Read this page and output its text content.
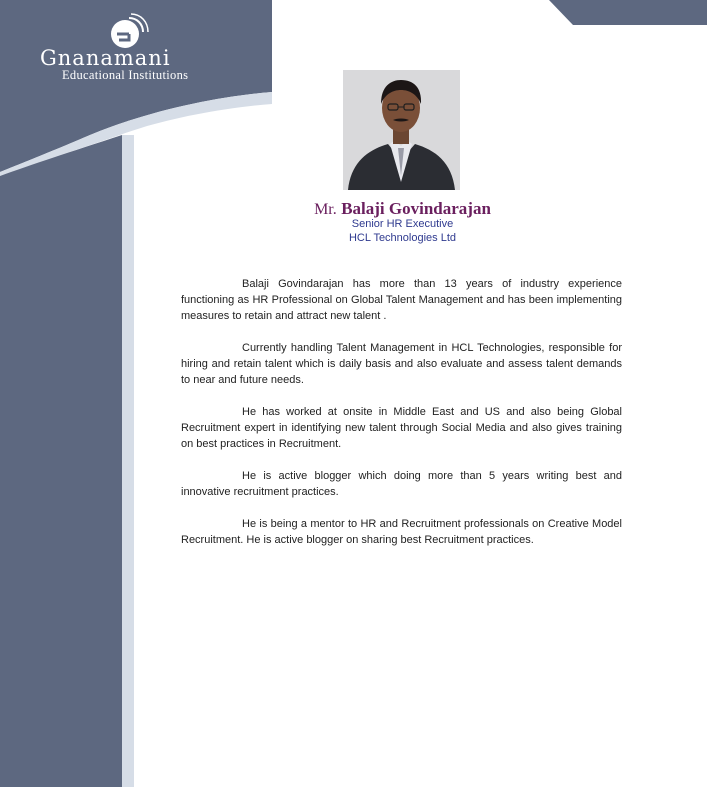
Gnanamani
Educational Institutions
Mr. Balaji Govindarajan
Senior HR Executive
HCL Technologies Ltd

Balaji Govindarajan has more than 13 years of industry experience functioning as HR Professional on Global Talent Management and has been implementing measures to retain and attract new talent .

Currently handling Talent Management in HCL Technologies, responsible for hiring and retain talent which is daily basis and also evaluate and assess talent demands to near and future needs.

He has worked at onsite in Middle East and US and also being Global Recruitment expert in identifying new talent through Social Media and also gives training on best practices in Recruitment.

He is active blogger which doing more than 5 years writing best and innovative recruitment practices.

He is being a mentor to HR and Recruitment professionals on Creative Model Recruitment. He is active blogger on sharing best Recruitment practices.
